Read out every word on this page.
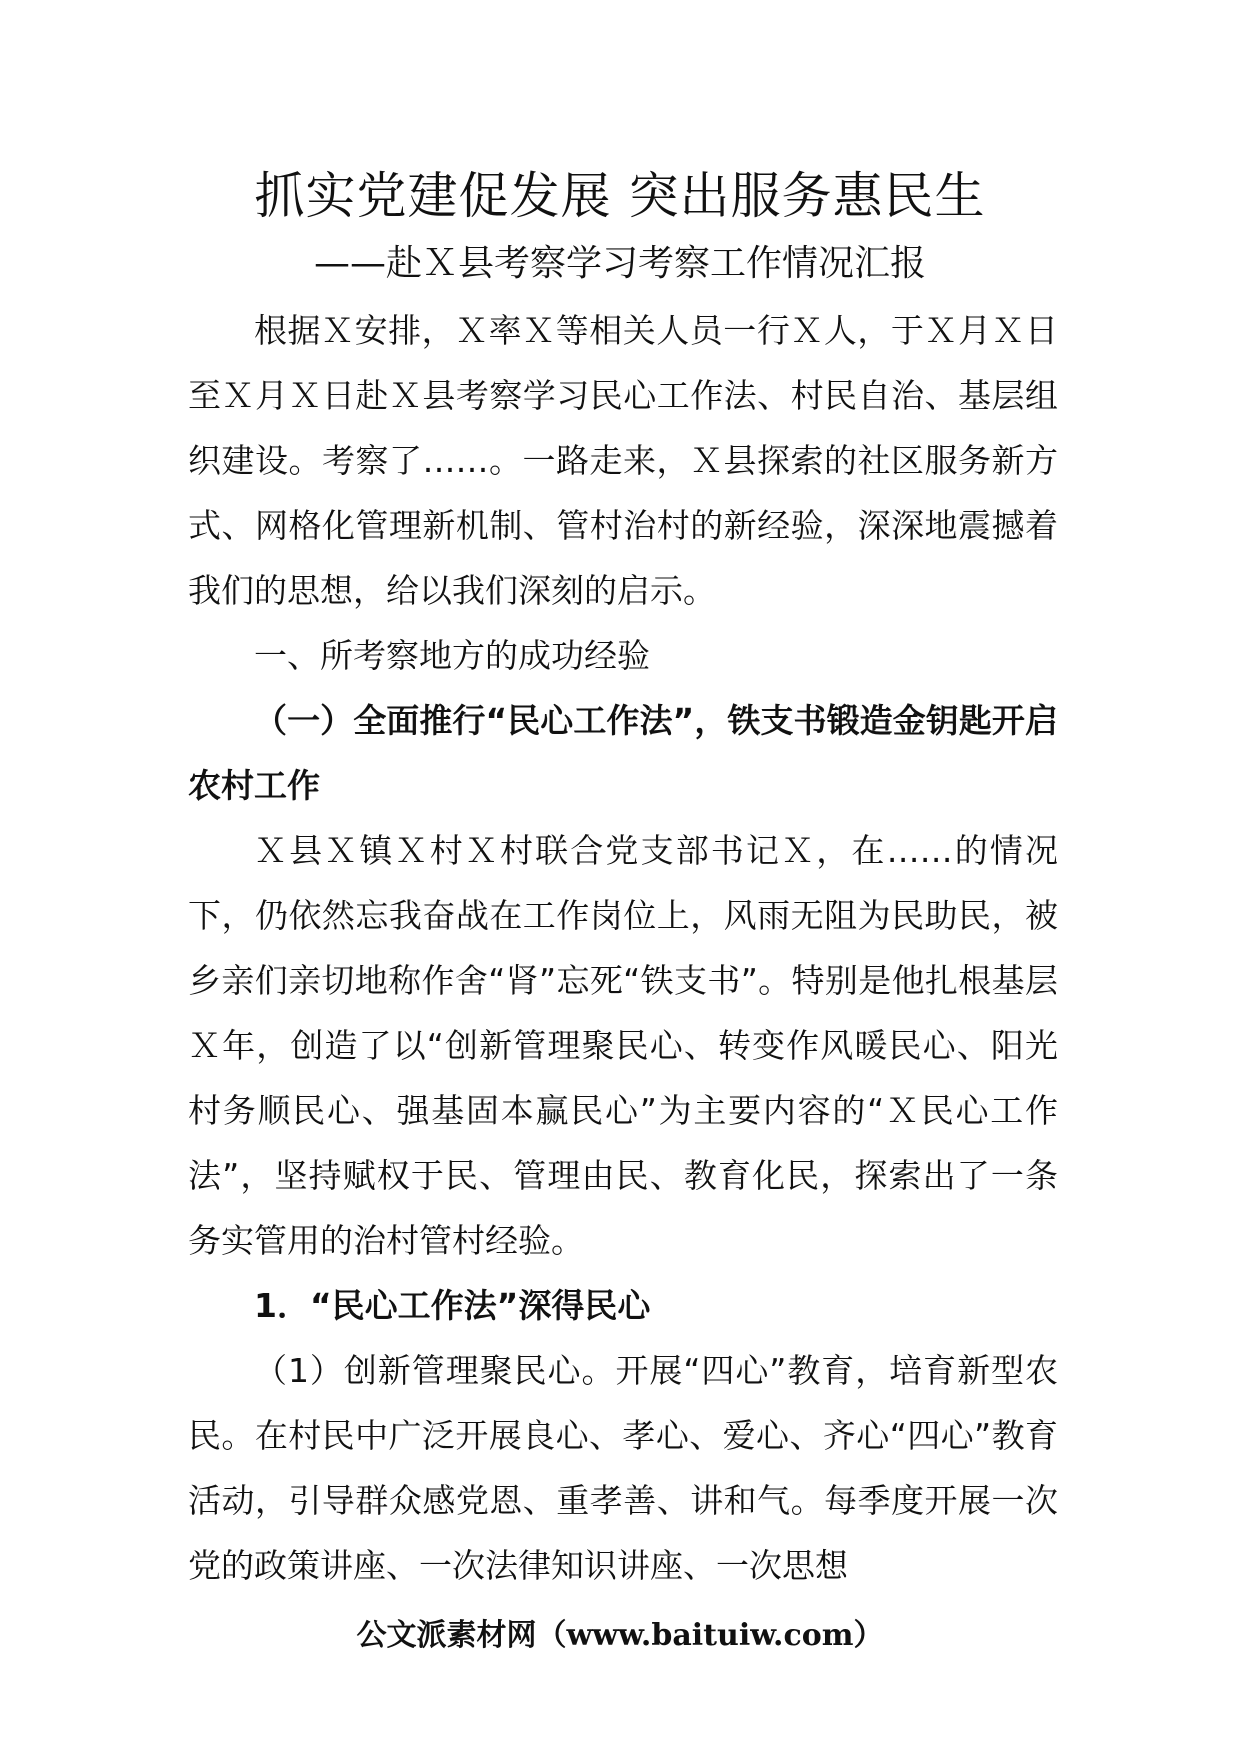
抓实党建促发展 突出服务惠民生

——赴Ｘ县考察学习考察工作情况汇报

根据Ｘ安排，Ｘ率Ｘ等相关人员一行Ｘ人，于Ｘ月Ｘ日至Ｘ月Ｘ日赴Ｘ县考察学习民心工作法、村民自治、基层组织建设。考察了……。一路走来，Ｘ县探索的社区服务新方式、网格化管理新机制、管村治村的新经验，深深地震撼着我们的思想，给以我们深刻的启示。

一、所考察地方的成功经验

（一）全面推行“民心工作法”，铁支书锻造金钥匙开启农村工作

Ｘ县Ｘ镇Ｘ村Ｘ村联合党支部书记Ｘ，在……的情况下，仍依然忘我奋战在工作岗位上，风雨无阻为民助民，被乡亲们亲切地称作舍“肾”忘死“铁支书”。特别是他扎根基层Ｘ年，创造了以“创新管理聚民心、转变作风暖民心、阳光村务顺民心、强基固本赢民心”为主要内容的“Ｘ民心工作法”，坚持赋权于民、管理由民、教育化民，探索出了一条务实管用的治村管村经验。

1．“民心工作法”深得民心

（1）创新管理聚民心。开展“四心”教育，培育新型农民。在村民中广泛开展良心、孝心、爱心、齐心“四心”教育活动，引导群众感党恩、重孝善、讲和气。每季度开展一次党的政策讲座、一次法律知识讲座、一次思想

公文派素材网（www.baituiw.com）
